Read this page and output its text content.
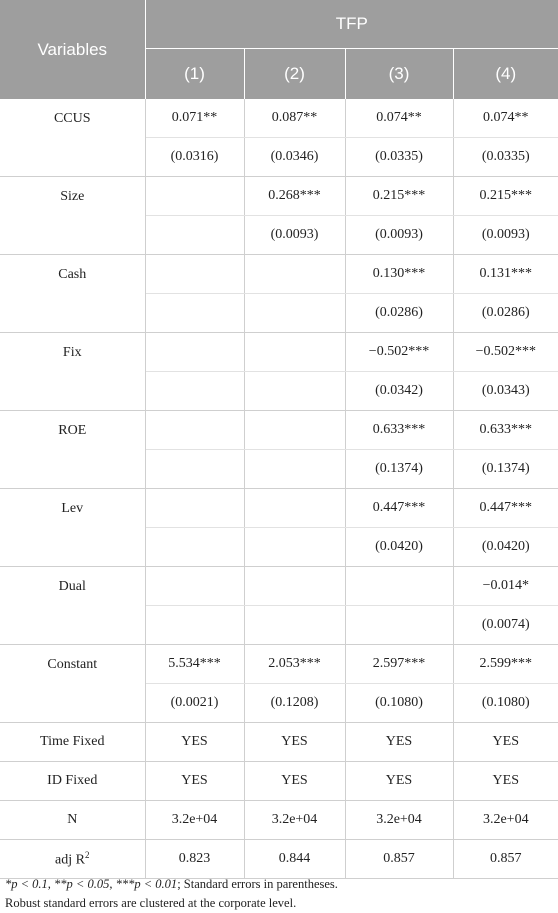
Variables	TFP			
	(1)	(2)	(3)	(4)
CCUS	0.071**	0.087**	0.074**	0.074**
	(0.0316)	(0.0346)	(0.0335)	(0.0335)
Size		0.268***	0.215***	0.215***
		(0.0093)	(0.0093)	(0.0093)
Cash			0.130***	0.131***
			(0.0286)	(0.0286)
Fix			−0.502***	−0.502***
			(0.0342)	(0.0343)
ROE			0.633***	0.633***
			(0.1374)	(0.1374)
Lev			0.447***	0.447***
			(0.0420)	(0.0420)
Dual				−0.014*
				(0.0074)
Constant	5.534***	2.053***	2.597***	2.599***
	(0.0021)	(0.1208)	(0.1080)	(0.1080)
Time Fixed	YES	YES	YES	YES
ID Fixed	YES	YES	YES	YES
N	3.2e+04	3.2e+04	3.2e+04	3.2e+04
adj $R^2$	0.823	0.844	0.857	0.857
*p < 0.1, **p < 0.05, ***p < 0.01; Standard errors in parentheses.
Robust standard errors are clustered at the corporate level.
